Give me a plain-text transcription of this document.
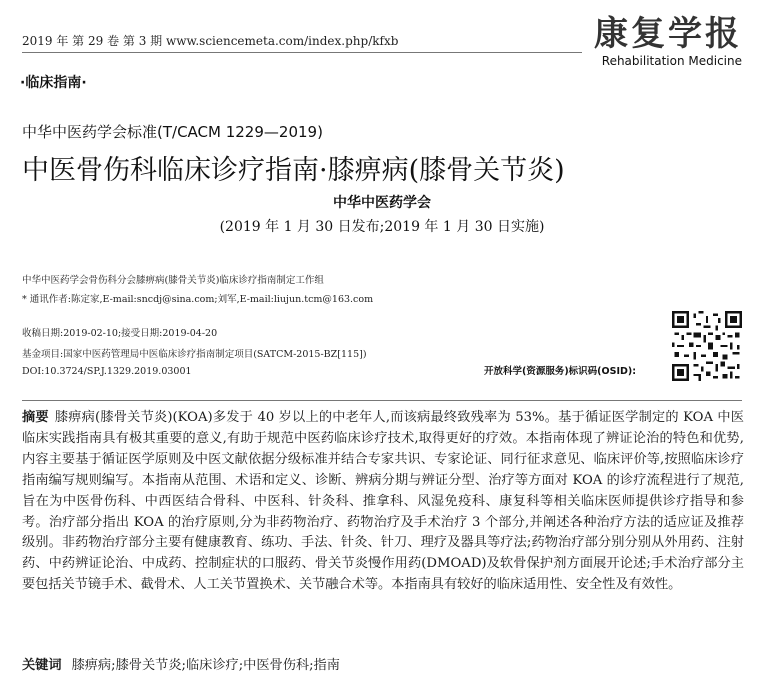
2019 年 第 29 卷 第 3 期 www.sciencemeta.com/index.php/kfxb	康复学报
Rehabilitation Medicine
·临床指南·
中华中医药学会标准(T/CACM 1229—2019)
中医骨伤科临床诊疗指南·膝痹病(膝骨关节炎)
中华中医药学会
(2019 年 1 月 30 日发布;2019 年 1 月 30 日实施)
中华中医药学会骨伤科分会膝痹病(膝骨关节炎)临床诊疗指南制定工作组
* 通讯作者:陈定家,E-mail:sncdj@sina.com;刘军,E-mail:liujun.tcm@163.com
收稿日期:2019-02-10;接受日期:2019-04-20
基金项目:国家中医药管理局中医临床诊疗指南制定项目(SATCM-2015-BZ[115])
DOI:10.3724/SP.J.1329.2019.03001	开放科学(资源服务)标识码(OSID):
摘要 膝痹病(膝骨关节炎)(KOA)多发于 40 岁以上的中老年人,而该病最终致残率为 53%。基于循证医学制定的 KOA 中医临床实践指南具有极其重要的意义,有助于规范中医药临床诊疗技术,取得更好的疗效。本指南体现了辨证论治的特色和优势, 内容主要基于循证医学原则及中医文献依据分级标准并结合专家共识、专家论证、同行征求意见、临床评价等,按照临床诊疗指南编写规则编写。本指南从范围、术语和定义、诊断、辨病分期与辨证分型、治疗等方面对 KOA 的诊疗流程进行了规范,旨在为中医骨伤科、中西医结合骨科、中医科、针灸科、推拿科、风湿免疫科、康复科等相关临床医师提供诊疗指导和参考。治疗部分指出 KOA 的治疗原则,分为非药物治疗、药物治疗及手术治疗 3 个部分,并阐述各种治疗方法的适应证及推荐级别。非药物治疗部分主要有健康教育、练功、手法、针灸、针刀、理疗及器具等疗法;药物治疗部分别分别从外用药、注射药、中药辨证论治、中成药、控制症状的口服药、骨关节炎慢作用药(DMOAD)及软骨保护剂方面展开论述;手术治疗部分主要包括关节镜手术、截骨术、人工关节置换术、关节融合术等。本指南具有较好的临床适用性、安全性及有效性。
关键词 膝痹病;膝骨关节炎;临床诊疗;中医骨伤科;指南
